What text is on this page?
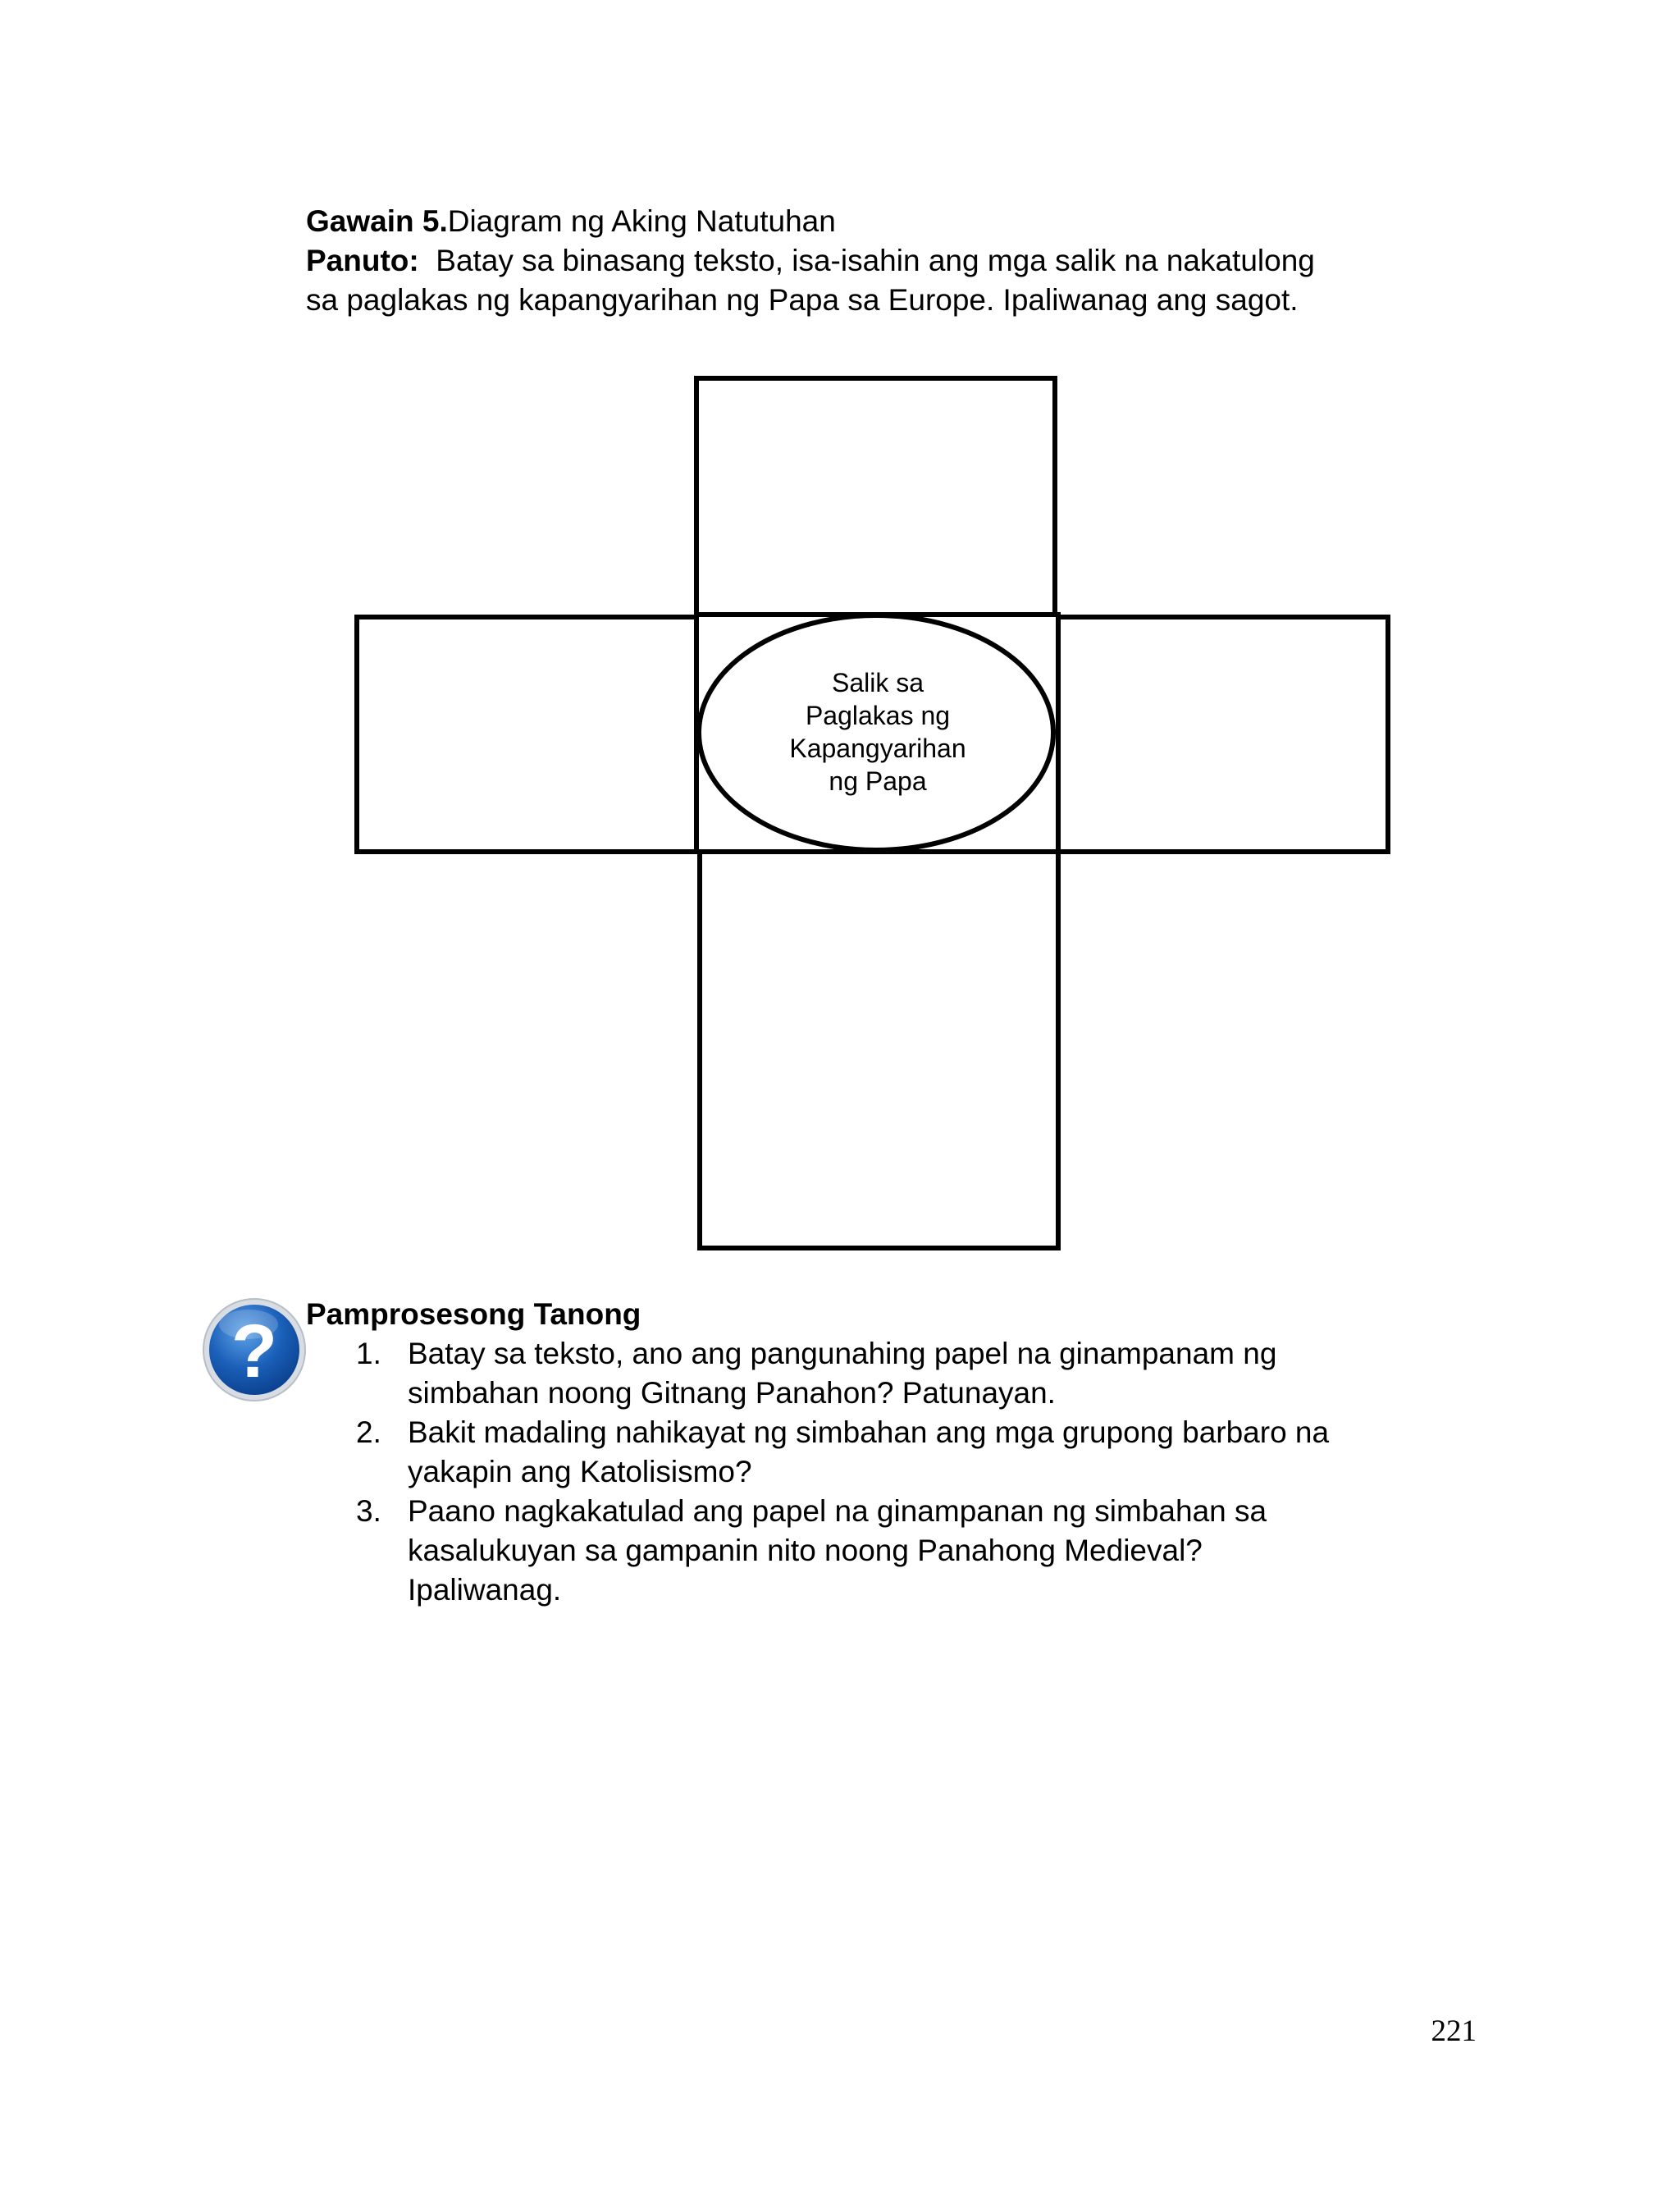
Gawain 5.Diagram ng Aking Natutuhan

Panuto:  Batay sa binasang teksto, isa-isahin ang mga salik na nakatulong

sa paglakas ng kapangyarihan ng Papa sa Europe. Ipaliwanag ang sagot.

Salik sa
Paglakas ng
Kapangyarihan
ng Papa
? Pamprosesong Tanong
1. Batay sa teksto, ano ang pangunahing papel na ginampanam ng
simbahan noong Gitnang Panahon? Patunayan.
2. Bakit madaling nahikayat ng simbahan ang mga grupong barbaro na
yakapin ang Katolisismo?
3. Paano nagkakatulad ang papel na ginampanan ng simbahan sa
kasalukuyan sa gampanin nito noong Panahong Medieval?
Ipaliwanag.
221
